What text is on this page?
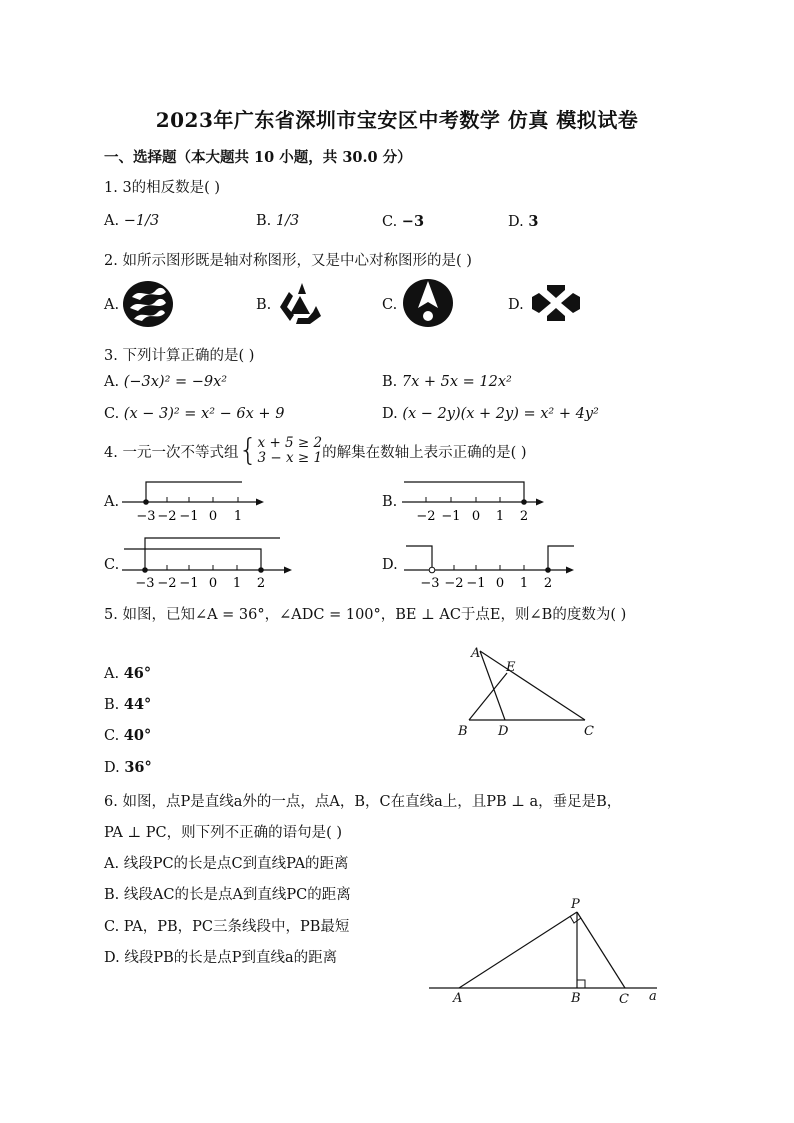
2023年广东省深圳市宝安区中考数学 仿真 模拟试卷
一、选择题（本大题共 10 小题，共 30.0 分）
1. 3的相反数是( )
A. −1/3	B. 1/3	C. −3	D. 3
2. 如所示图形既是轴对称图形，又是中心对称图形的是( )
A.	B.	C.	D.
3. 下列计算正确的是( )
A. (−3x)² = −9x²	B. 7x + 5x = 12x²
C. (x − 3)² = x² − 6x + 9	D. (x − 2y)(x + 2y) = x² + 4y²
4. 一元一次不等式组 { x + 5 ≥ 2
3 − x ≥ 1 的解集在数轴上表示正确的是( )
A.	B.
C.	D.
−3 −2 −1 0 1	−2 −1 0 1 2
−3 −2 −1 0 1 2	−3 −2 −1 0 1 2
5. 如图，已知∠A = 36°，∠ADC = 100°，BE ⊥ AC于点E，则∠B的度数为( )
A. 46°
B. 44°
C. 40°
D. 36°
A
E
B D	C
6. 如图，点P是直线a外的一点，点A，B，C在直线a上，且PB ⊥ a，垂足是B，
PA ⊥ PC，则下列不正确的语句是( )
A. 线段PC的长是点C到直线PA的距离
B. 线段AC的长是点A到直线PC的距离
C. PA，PB，PC三条线段中，PB最短
D. 线段PB的长是点P到直线a的距离
P
A	B	C a
